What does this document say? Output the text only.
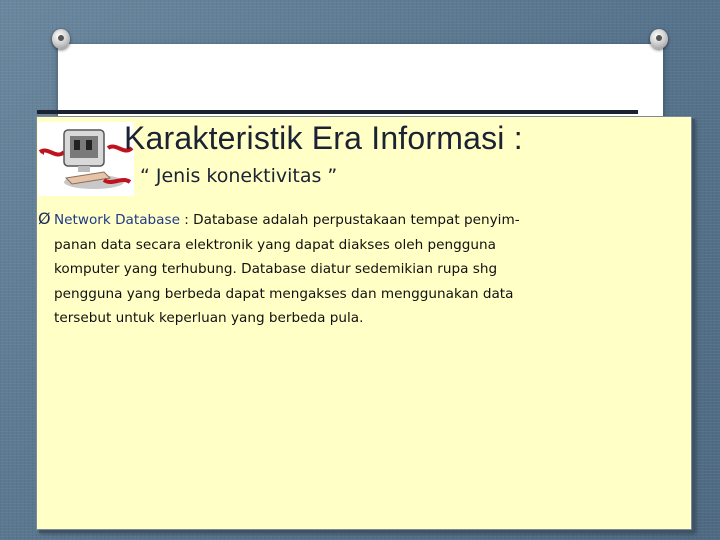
Karakteristik Era Informasi :
“ Jenis konektivitas ”
Ø Network Database : Database adalah perpustakaan tempat penyim-
panan data secara elektronik yang dapat diakses oleh pengguna
komputer yang terhubung. Database diatur sedemikian rupa shg
pengguna yang berbeda dapat mengakses dan menggunakan data
tersebut untuk keperluan yang berbeda pula.
